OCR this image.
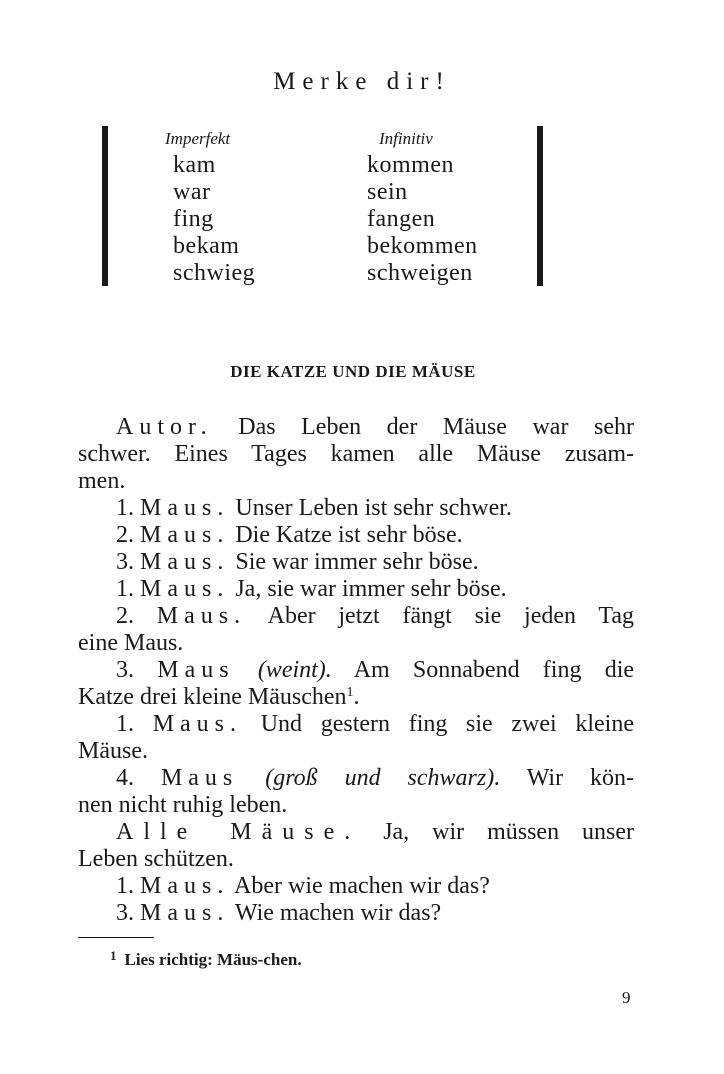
Merke dir!
Imperfekt
kam
war
fing
bekam
schwieg
Infinitiv
kommen
sein
fangen
bekommen
schweigen
DIE KATZE UND DIE MÄUSE
Autor. Das Leben der Mäuse war sehr
schwer. Eines Tages kamen alle Mäuse zusam-
men.
1. Maus. Unser Leben ist sehr schwer.
2. Maus. Die Katze ist sehr böse.
3. Maus. Sie war immer sehr böse.
1. Maus. Ja, sie war immer sehr böse.
2. Maus. Aber jetzt fängt sie jeden Tag
eine Maus.
3. Maus (weint). Am Sonnabend fing die
Katze drei kleine Mäuschen$^1$.
1. Maus. Und gestern fing sie zwei kleine
Mäuse.
4. Maus (groß und schwarz). Wir kön-
nen nicht ruhig leben.
Alle Mäuse. Ja, wir müssen unser
Leben schützen.
1. Maus. Aber wie machen wir das?
3. Maus. Wie machen wir das?
$^1$ Lies richtig: Mäus-chen.
9
